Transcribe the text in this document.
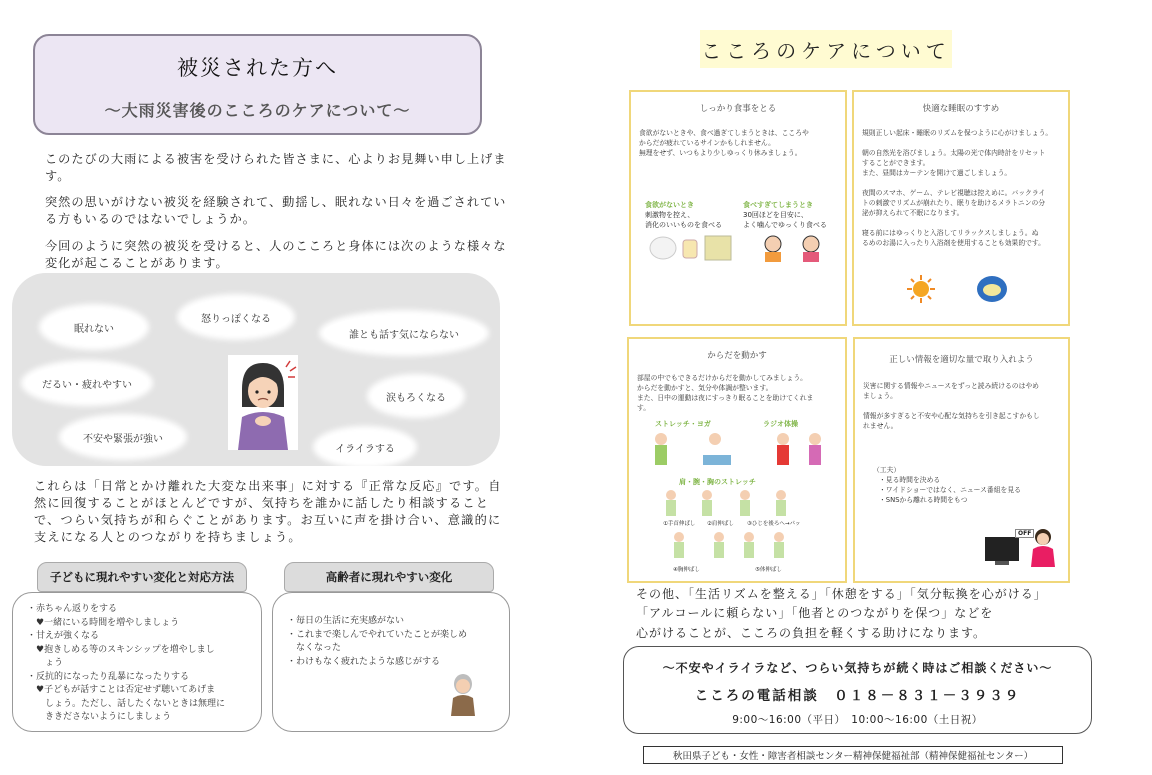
被災された方へ
～大雨災害後のこころのケアについて～
このたびの大雨による被害を受けられた皆さまに、心よりお見舞い申し上げます。
突然の思いがけない被災を経験されて、動揺し、眠れない日々を過ごされている方もいるのではないでしょうか。
今回のように突然の被災を受けると、人のこころと身体には次のような様々な変化が起こることがあります。
眠れない
怒りっぽくなる
誰とも話す気にならない
だるい・疲れやすい
涙もろくなる
不安や緊張が強い
イライラする
これらは「日常とかけ離れた大変な出来事」に対する『正常な反応』です。自然に回復することがほとんどですが、気持ちを誰かに話したり相談することで、つらい気持ちが和らぐことがあります。お互いに声を掛け合い、意識的に支えになる人とのつながりを持ちましょう。
子どもに現れやすい変化と対応方法

・赤ちゃん返りをする

　♥一緒にいる時間を増やしましょう

・甘えが強くなる

　♥抱きしめる等のスキンシップを増やしまし

　　ょう

・反抗的になったり乱暴になったりする

　♥子どもが話すことは否定せず聴いてあげま

　　しょう。ただし、話したくないときは無理に

　　ききださないようにしましょう

高齢者に現れやすい変化

・毎日の生活に充実感がない

・これまで楽しんでやれていたことが楽しめ

　なくなった

・わけもなく疲れたような感じがする

こころのケアについて
しっかり食事をとる

食欲がないときや、食べ過ぎてしまうときは、こころや

からだが疲れているサインかもしれません。

無理をせず、いつもより少しゆっくり休みましょう。

食欲がないとき

刺激物を控え、

消化のいいものを食べる

食べすぎてしまうとき

30回ほどを目安に、

よく噛んでゆっくり食べる

快適な睡眠のすすめ

規則正しい起床・睡眠のリズムを保つように心がけましょう。

朝の自然光を浴びましょう。太陽の光で体内時計をリセット

することができます。

また、昼間はカーテンを開けて過ごしましょう。

夜間のスマホ、ゲーム、テレビ視聴は控えめに。バックライ

トの刺激でリズムが崩れたり、眠りを助けるメラトニンの分

泌が抑えられて不眠になります。

寝る前にはゆっくりと入浴してリラックスしましょう。ぬ

るめのお湯に入ったり入浴剤を使用することも効果的です。

からだを動かす

部屋の中でもできるだけからだを動かしてみましょう。

からだを動かすと、気分や体調が整います。

また、日中の運動は夜にすっきり眠ることを助けてくれま

す。

ストレッチ・ヨガ	ラジオ体操
肩・腕・胸のストレッチ
①手首伸ばし ②肩伸ばし ③ひじを後ろへ→パッ
④胸伸ばし	⑤体伸ばし
正しい情報を適切な量で取り入れよう

災害に関する情報やニュースをずっと読み続けるのはやめ

ましょう。

情報が多すぎると不安や心配な気持ちを引き起こすかもし

れません。

（工夫）

・見る時間を決める

・ワイドショーではなく、ニュース番組を見る

・SNSから離れる時間をもつ

OFF
その他、「生活リズムを整える」「休憩をする」「気分転換を心がける」
「アルコールに頼らない」「他者とのつながりを保つ」などを
心がけることが、こころの負担を軽くする助けになります。
～不安やイライラなど、つらい気持ちが続く時はご相談ください～
こころの電話相談　０１８－８３１－３９３９
9:00～16:00（平日）　10:00～16:00（土日祝）
秋田県子ども・女性・障害者相談センター精神保健福祉部（精神保健福祉センター）
